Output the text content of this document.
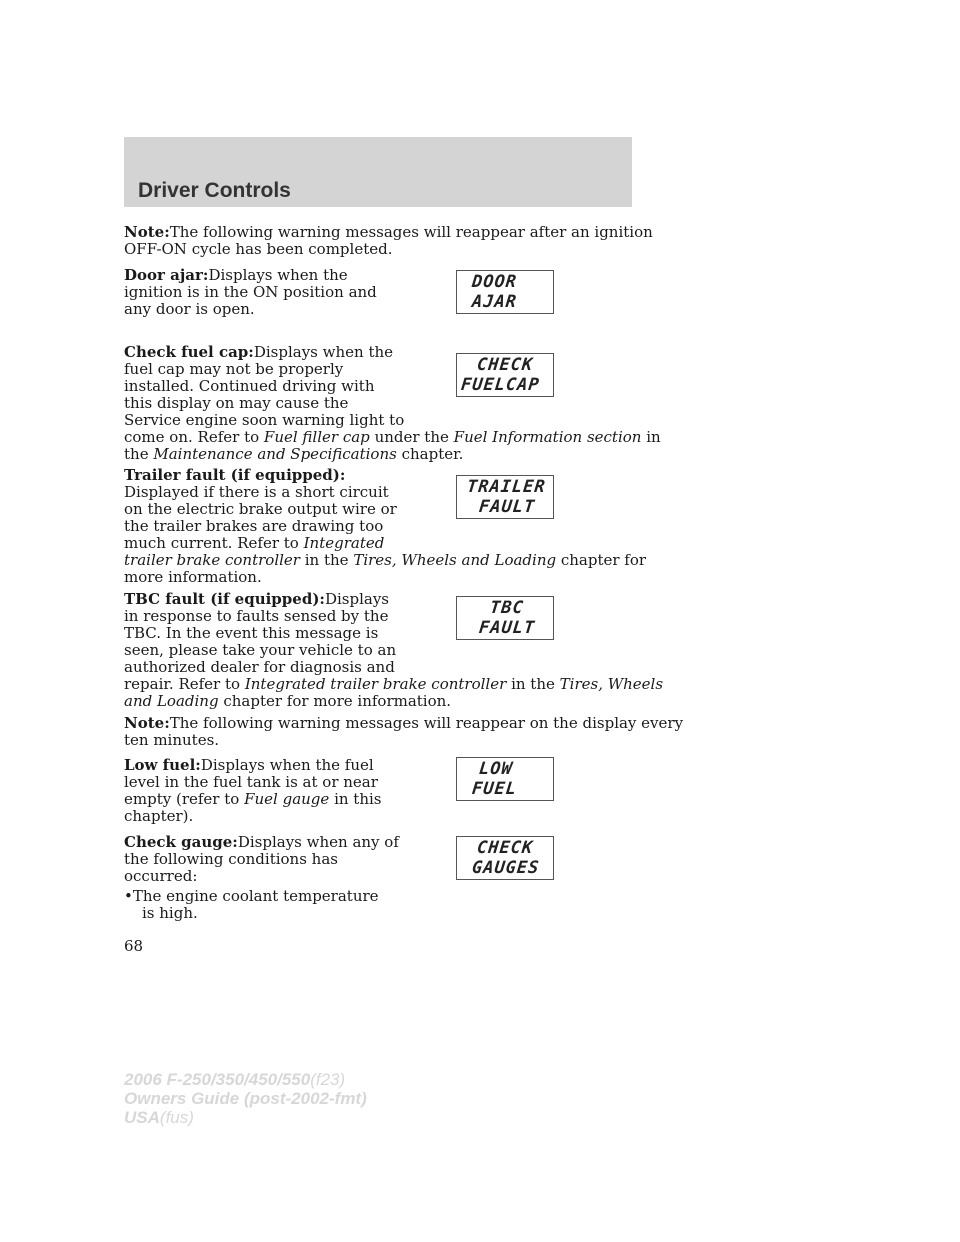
Driver Controls

Note:The following warning messages will reappear after an ignition

OFF-ON cycle has been completed.

Door ajar:Displays when the

ignition is in the ON position and

any door is open.

DOOR
AJAR

Check fuel cap:Displays when the

fuel cap may not be properly

installed. Continued driving with

this display on may cause the

Service engine soon warning light to

come on. Refer to Fuel filler cap under the Fuel Information section in

the Maintenance and Specifications chapter.

CHECK
FUELCAP

Trailer fault (if equipped):

Displayed if there is a short circuit

on the electric brake output wire or

the trailer brakes are drawing too

much current. Refer to Integrated

trailer brake controller in the Tires, Wheels and Loading chapter for

more information.

TRAILER
FAULT

TBC fault (if equipped):Displays

in response to faults sensed by the

TBC. In the event this message is

seen, please take your vehicle to an

authorized dealer for diagnosis and

repair. Refer to Integrated trailer brake controller in the Tires, Wheels

and Loading chapter for more information.

TBC
FAULT

Note:The following warning messages will reappear on the display every

ten minutes.

Low fuel:Displays when the fuel

level in the fuel tank is at or near

empty (refer to Fuel gauge in this

chapter).

LOW
FUEL

Check gauge:Displays when any of

the following conditions has

occurred:

•The engine coolant temperature

is high.

CHECK
GAUGES
68
2006 F-250/350/450/550(f23)
Owners Guide (post-2002-fmt)
USA(fus)
